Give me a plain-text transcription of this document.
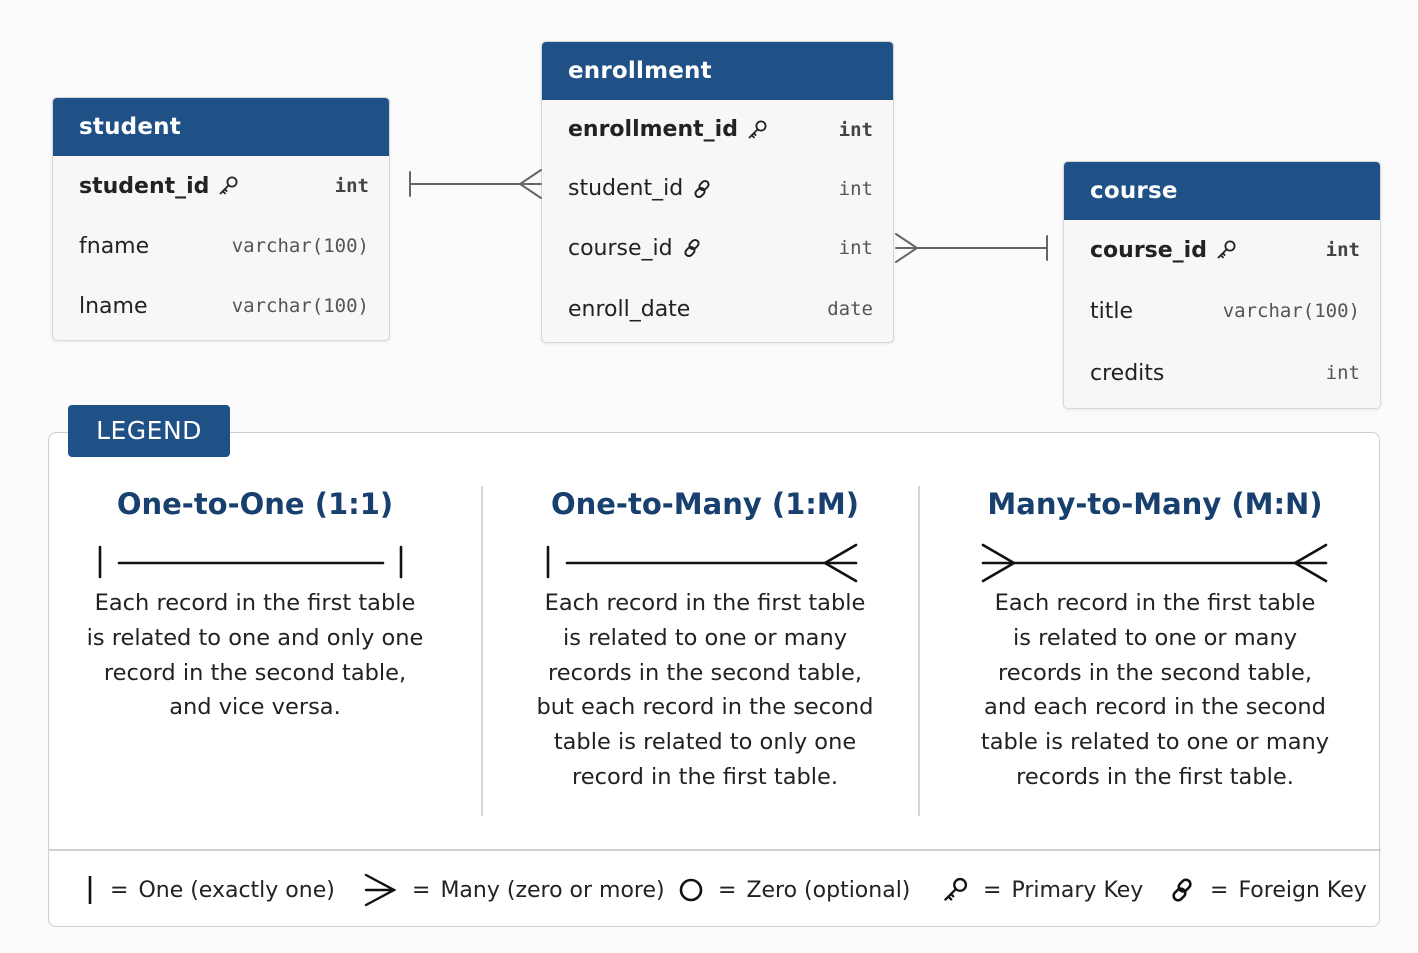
student
student_id	int
fname	varchar(100)
lname	varchar(100)
enrollment
enrollment_id	int
student_id	int
course_id	int
enroll_date	date
course
course_id	int
title	varchar(100)
credits	int
LEGEND
One-to-One (1:1)
Each record in the first table
is related to one and only one
record in the second table,
and vice versa.
One-to-Many (1:M)
Each record in the first table
is related to one or many
records in the second table,
but each record in the second
table is related to only one
record in the first table.
Many-to-Many (M:N)
Each record in the first table
is related to one or many
records in the second table,
and each record in the second
table is related to one or many
records in the first table.
= One (exactly one)	= Many (zero or more) = Zero (optional)	= Primary Key	= Foreign Key
